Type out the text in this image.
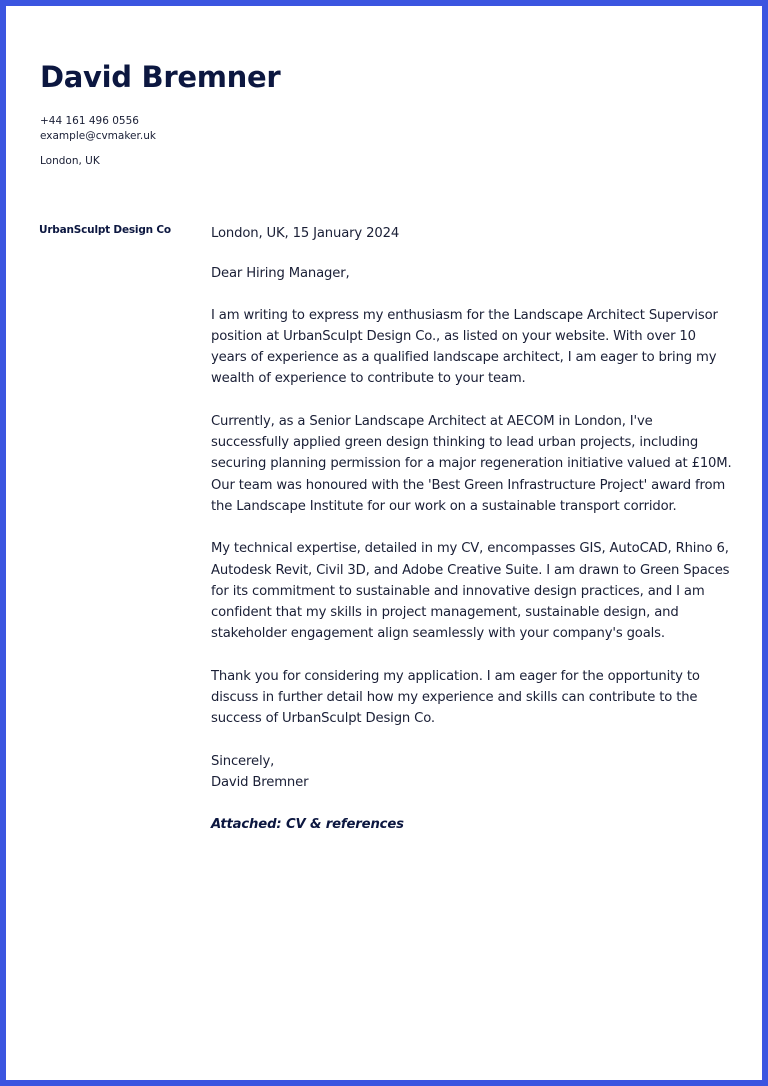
David Bremner
+44 161 496 0556
example@cvmaker.uk
London, UK
UrbanSculpt Design Co	London, UK, 15 January 2024

Dear Hiring Manager,

I am writing to express my enthusiasm for the Landscape Architect Supervisor position at UrbanSculpt Design Co., as listed on your website. With over 10 years of experience as a qualified landscape architect, I am eager to bring my wealth of experience to contribute to your team.

Currently, as a Senior Landscape Architect at AECOM in London, I've successfully applied green design thinking to lead urban projects, including securing planning permission for a major regeneration initiative valued at £10M. Our team was honoured with the 'Best Green Infrastructure Project' award from the Landscape Institute for our work on a sustainable transport corridor.

My technical expertise, detailed in my CV, encompasses GIS, AutoCAD, Rhino 6, Autodesk Revit, Civil 3D, and Adobe Creative Suite. I am drawn to Green Spaces for its commitment to sustainable and innovative design practices, and I am confident that my skills in project management, sustainable design, and stakeholder engagement align seamlessly with your company's goals.

Thank you for considering my application. I am eager for the opportunity to discuss in further detail how my experience and skills can contribute to the success of UrbanSculpt Design Co.

Sincerely,

David Bremner

Attached: CV & references
